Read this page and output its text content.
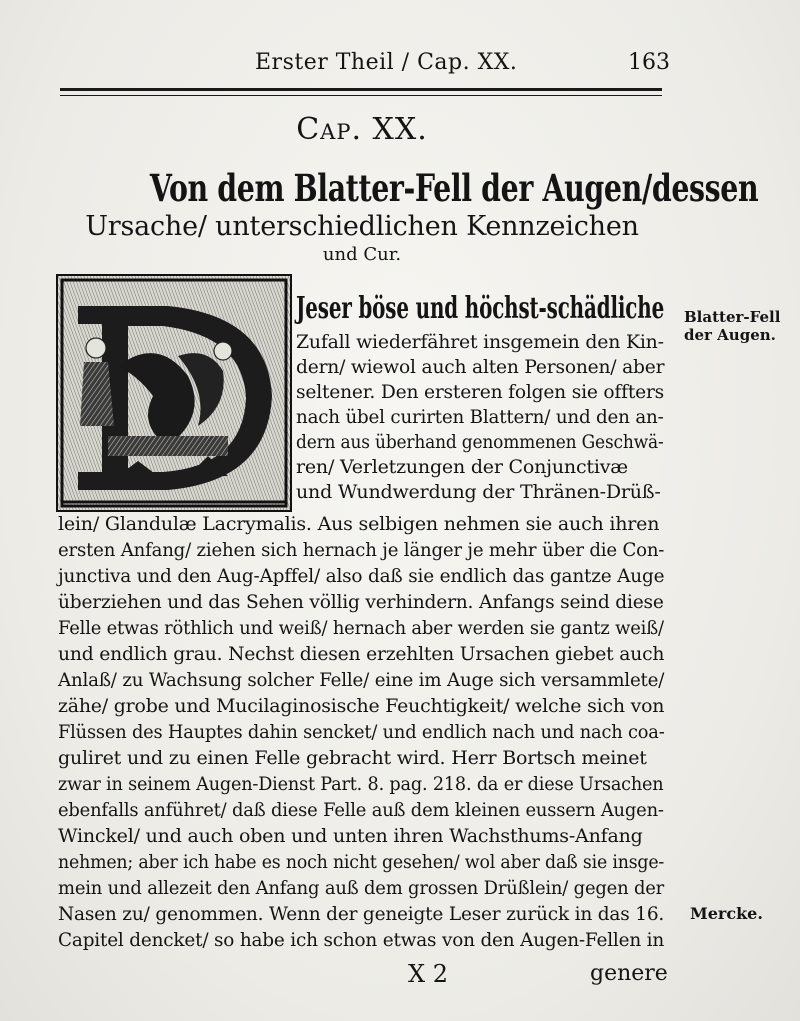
Erster Theil / Cap. XX.	163
Cap. XX.
Von dem Blatter-Fell der Augen/dessen
Ursache/ unterschiedlichen Kennzeichen
und Cur.
Jeser böse und höchst-schädliche
Zufall wiederfähret insgemein den Kin-
dern/ wiewol auch alten Personen/ aber
seltener. Den ersteren folgen sie offters
nach übel curirten Blattern/ und den an-
dern aus überhand genommenen Geschwä-
ren/ Verletzungen der Conjunctivæ
und Wundwerdung der Thränen-Drüß-
lein/ Glandulæ Lacrymalis. Aus selbigen nehmen sie auch ihren
ersten Anfang/ ziehen sich hernach je länger je mehr über die Con-
junctiva und den Aug-Apffel/ also daß sie endlich das gantze Auge
überziehen und das Sehen völlig verhindern. Anfangs seind diese
Felle etwas röthlich und weiß/ hernach aber werden sie gantz weiß/
und endlich grau. Nechst diesen erzehlten Ursachen giebet auch
Anlaß/ zu Wachsung solcher Felle/ eine im Auge sich versammlete/
zähe/ grobe und Mucilaginosische Feuchtigkeit/ welche sich von
Flüssen des Hauptes dahin sencket/ und endlich nach und nach coa-
guliret und zu einen Felle gebracht wird. Herr Bortsch meinet
zwar in seinem Augen-Dienst Part. 8. pag. 218. da er diese Ursachen
ebenfalls anführet/ daß diese Felle auß dem kleinen eussern Augen-
Winckel/ und auch oben und unten ihren Wachsthums-Anfang
nehmen; aber ich habe es noch nicht gesehen/ wol aber daß sie insge-
mein und allezeit den Anfang auß dem grossen Drüßlein/ gegen der
Nasen zu/ genommen. Wenn der geneigte Leser zurück in das 16.
Capitel dencket/ so habe ich schon etwas von den Augen-Fellen in
Blatter-Fell
der Augen.
Mercke.
X 2	genere
